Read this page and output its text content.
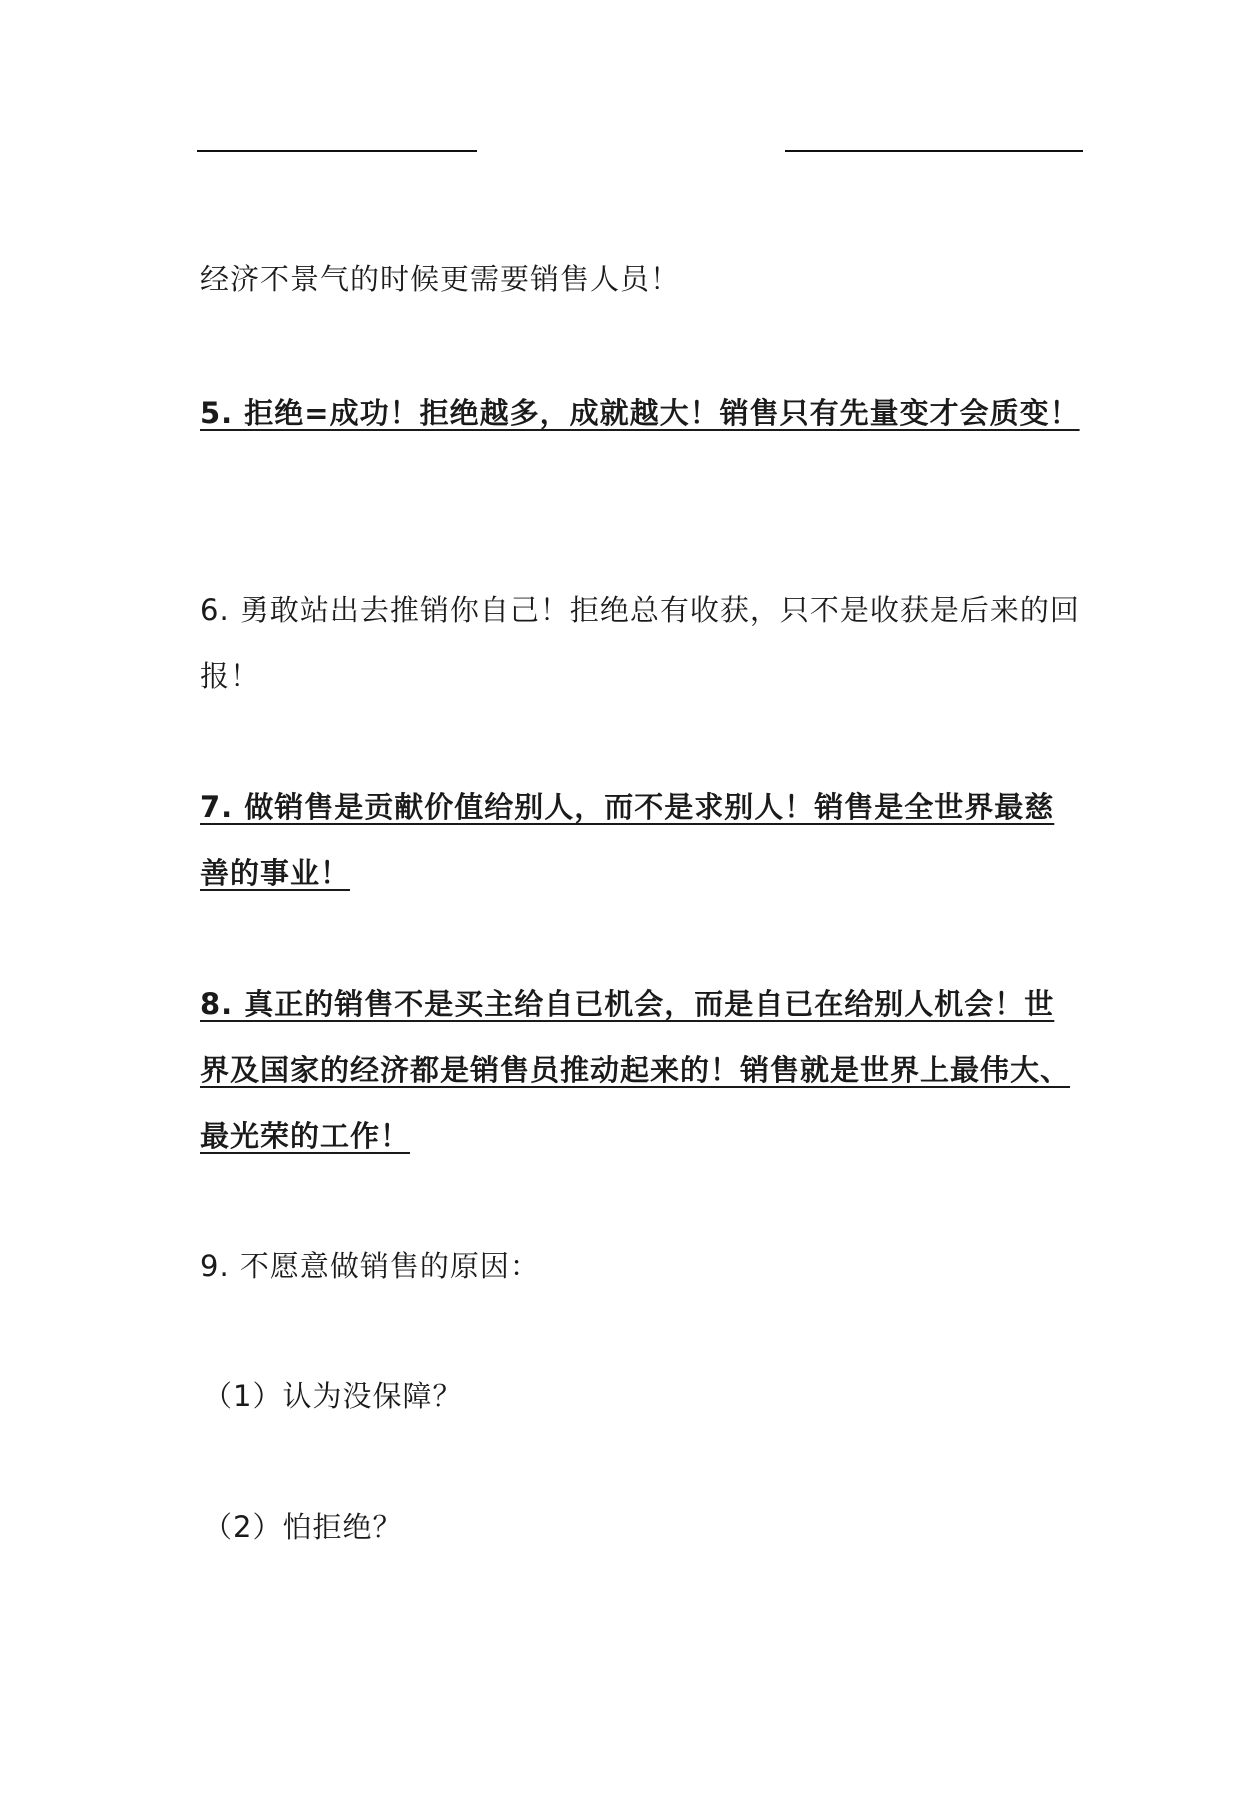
经济不景气的时候更需要销售人员！

5. 拒绝=成功！拒绝越多，成就越大！销售只有先量变才会质变！

6. 勇敢站出去推销你自己！拒绝总有收获，只不是收获是后来的回报！

7. 做销售是贡献价值给别人，而不是求别人！销售是全世界最慈善的事业！

8. 真正的销售不是买主给自已机会，而是自已在给别人机会！世界及国家的经济都是销售员推动起来的！销售就是世界上最伟大、最光荣的工作！

9. 不愿意做销售的原因：

（1）认为没保障？

（2）怕拒绝？
